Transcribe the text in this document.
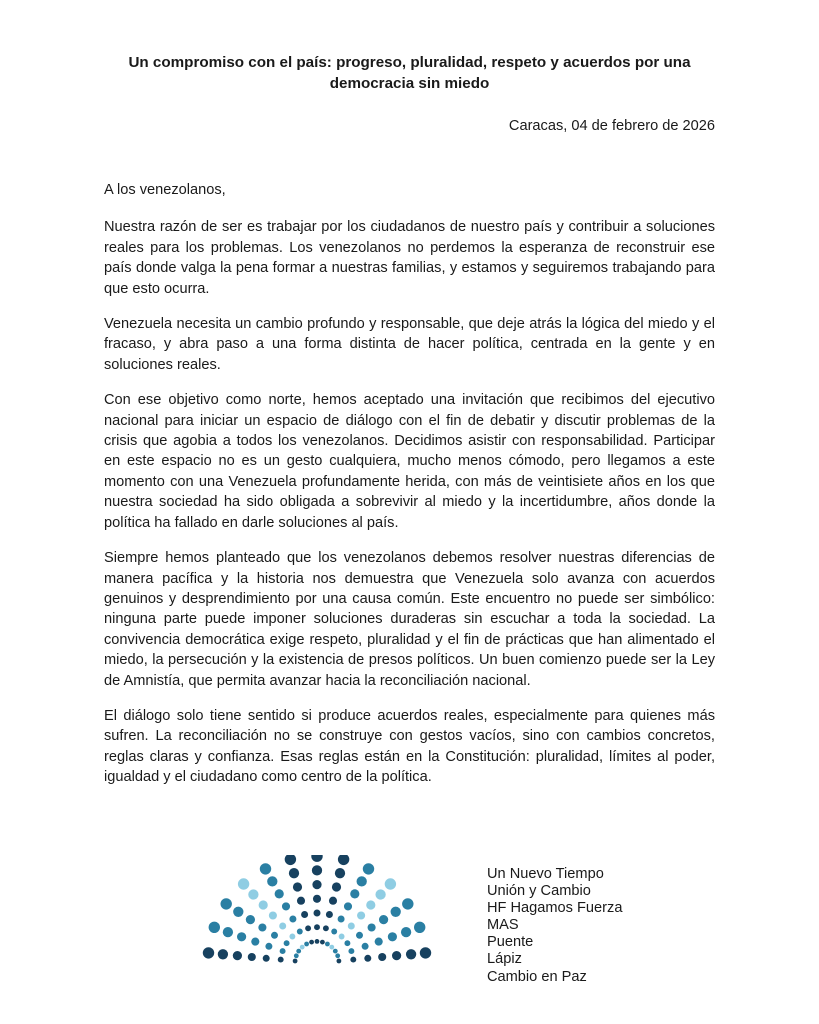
Un compromiso con el país: progreso, pluralidad, respeto y acuerdos por una democracia sin miedo
Caracas, 04 de febrero de 2026

A los venezolanos,

Nuestra razón de ser es trabajar por los ciudadanos de nuestro país y contribuir a soluciones reales para los problemas. Los venezolanos no perdemos la esperanza de reconstruir ese país donde valga la pena formar a nuestras familias, y estamos y seguiremos trabajando para que esto ocurra.

Venezuela necesita un cambio profundo y responsable, que deje atrás la lógica del miedo y el fracaso, y abra paso a una forma distinta de hacer política, centrada en la gente y en soluciones reales.

Con ese objetivo como norte, hemos aceptado una invitación que recibimos del ejecutivo nacional para iniciar un espacio de diálogo con el fin de debatir y discutir problemas de la crisis que agobia a todos los venezolanos. Decidimos asistir con responsabilidad. Participar en este espacio no es un gesto cualquiera, mucho menos cómodo, pero llegamos a este momento con una Venezuela profundamente herida, con más de veintisiete años en los que nuestra sociedad ha sido obligada a sobrevivir al miedo y la incertidumbre, años donde la política ha fallado en darle soluciones al país.

Siempre hemos planteado que los venezolanos debemos resolver nuestras diferencias de manera pacífica y la historia nos demuestra que Venezuela solo avanza con acuerdos genuinos y desprendimiento por una causa común. Este encuentro no puede ser simbólico: ninguna parte puede imponer soluciones duraderas sin escuchar a toda la sociedad. La convivencia democrática exige respeto, pluralidad y el fin de prácticas que han alimentado el miedo, la persecución y la existencia de presos políticos. Un buen comienzo puede ser la Ley de Amnistía, que permita avanzar hacia la reconciliación nacional.

El diálogo solo tiene sentido si produce acuerdos reales, especialmente para quienes más sufren. La reconciliación no se construye con gestos vacíos, sino con cambios concretos, reglas claras y confianza. Esas reglas están en la Constitución: pluralidad, límites al poder, igualdad y el ciudadano como centro de la política.

Un Nuevo Tiempo
Unión y Cambio
HF Hagamos Fuerza
MAS
Puente
Lápiz
Cambio en Paz
